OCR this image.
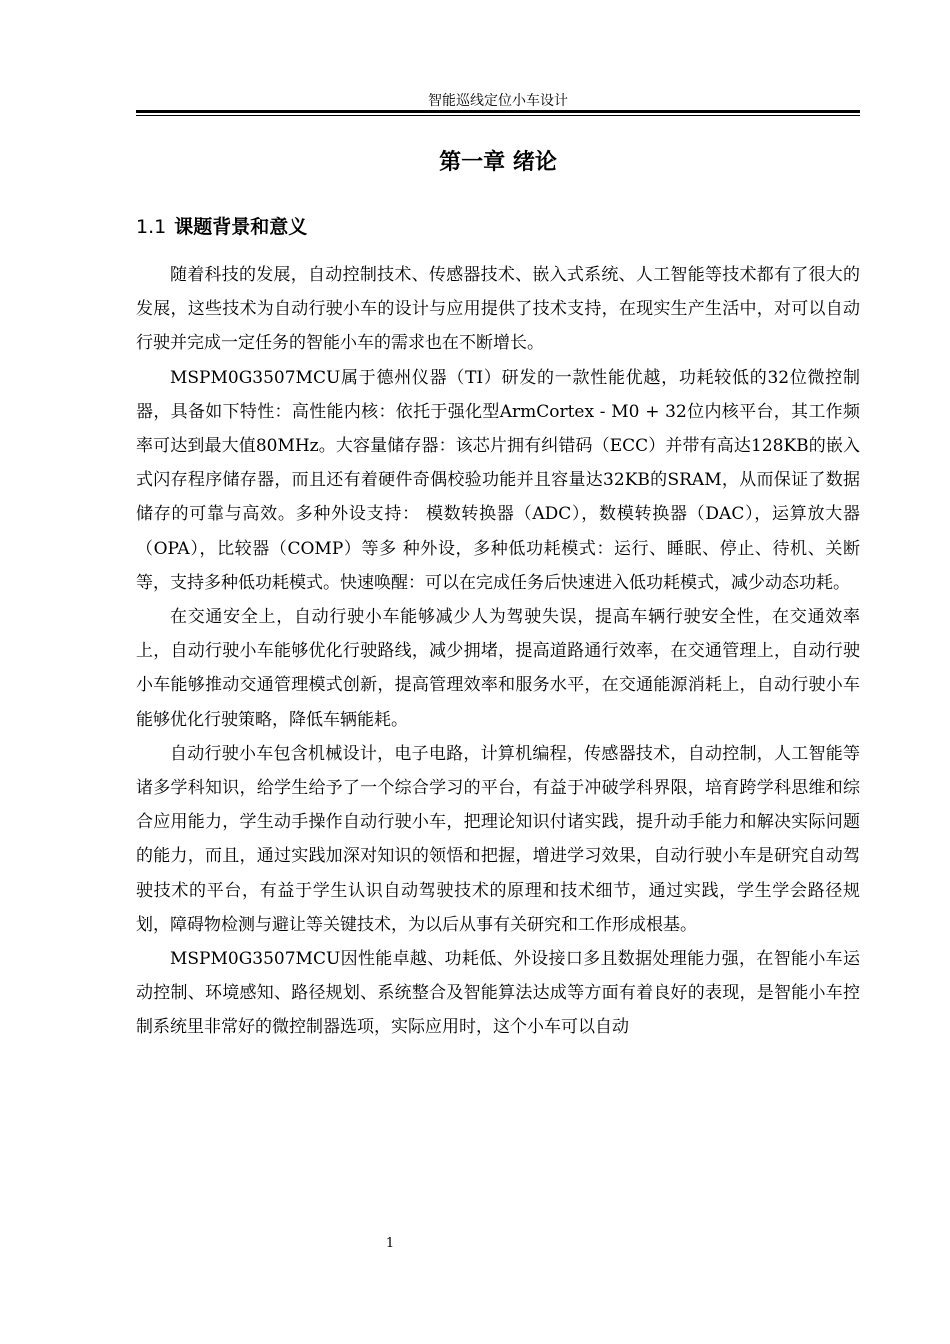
智能巡线定位小车设计
第一章 绪论
1.1 课题背景和意义

随着科技的发展，自动控制技术、传感器技术、嵌入式系统、人工智能等技术都有了很大的发展，这些技术为自动行驶小车的设计与应用提供了技术支持，在现实生产生活中，对可以自动行驶并完成一定任务的智能小车的需求也在不断增长。

MSPM0G3507MCU属于德州仪器（TI）研发的一款性能优越，功耗较低的32位微控制器，具备如下特性：高性能内核：依托于强化型ArmCortex - M0 + 32位内核平台，其工作频率可达到最大值80MHz。大容量储存器：该芯片拥有纠错码（ECC）并带有高达128KB的嵌入式闪存程序储存器，而且还有着硬件奇偶校验功能并且容量达32KB的SRAM，从而保证了数据储存的可靠与高效。多种外设支持： 模数转换器（ADC），数模转换器（DAC），运算放大器（OPA），比较器（COMP）等多 种外设，多种低功耗模式：运行、睡眠、停止、待机、关断等，支持多种低功耗模式。快速唤醒：可以在完成任务后快速进入低功耗模式，减少动态功耗。

在交通安全上，自动行驶小车能够减少人为驾驶失误，提高车辆行驶安全性，在交通效率上，自动行驶小车能够优化行驶路线，减少拥堵，提高道路通行效率，在交通管理上，自动行驶小车能够推动交通管理模式创新，提高管理效率和服务水平，在交通能源消耗上，自动行驶小车能够优化行驶策略，降低车辆能耗。

自动行驶小车包含机械设计，电子电路，计算机编程，传感器技术，自动控制，人工智能等诸多学科知识，给学生给予了一个综合学习的平台，有益于冲破学科界限，培育跨学科思维和综合应用能力，学生动手操作自动行驶小车，把理论知识付诸实践，提升动手能力和解决实际问题的能力，而且，通过实践加深对知识的领悟和把握，增进学习效果，自动行驶小车是研究自动驾驶技术的平台，有益于学生认识自动驾驶技术的原理和技术细节，通过实践，学生学会路径规划，障碍物检测与避让等关键技术，为以后从事有关研究和工作形成根基。

MSPM0G3507MCU因性能卓越、功耗低、外设接口多且数据处理能力强，在智能小车运动控制、环境感知、路径规划、系统整合及智能算法达成等方面有着良好的表现，是智能小车控制系统里非常好的微控制器选项，实际应用时，这个小车可以自动

1
